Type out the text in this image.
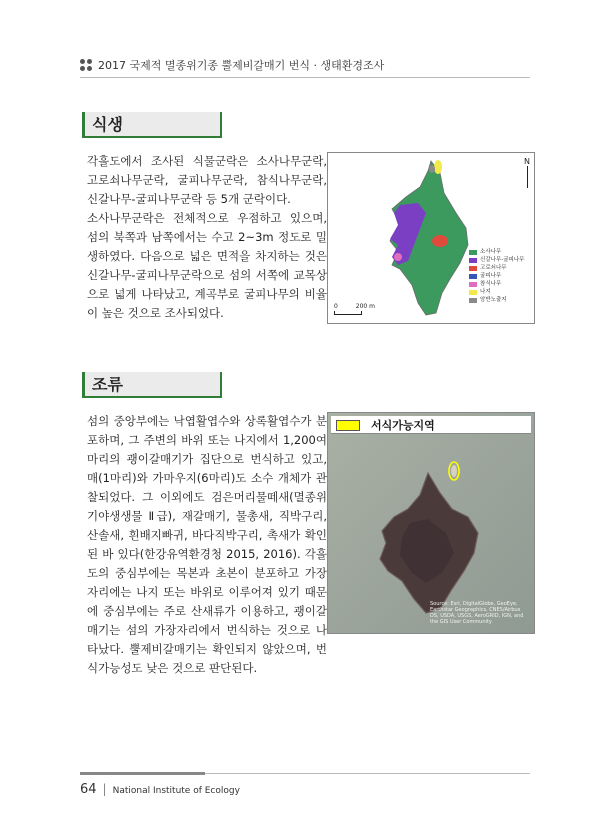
2017 국제적 멸종위기종 뿔제비갈매기 번식 · 생태환경조사
식생

각흘도에서 조사된 식물군락은 소사나무군락, 고로쇠나무군락, 굴피나무군락, 참식나무군락, 신갈나무-굴피나무군락 등 5개 군락이다.

소사나무군락은 전체적으로 우점하고 있으며, 섬의 북쪽과 남쪽에서는 수고 2~3m 정도로 밀생하였다. 다음으로 넓은 면적을 차지하는 것은 신갈나무-굴피나무군락으로 섬의 서쪽에 교목상으로 넓게 나타났고, 계곡부로 굴피나무의 비율이 높은 것으로 조사되었다.

N
소사나무
신갈나무-굴피나무
고로쇠나무
굴피나무
참식나무
나지
암반노출지
0	200 m
조류

섬의 중앙부에는 낙엽활엽수와 상록활엽수가 분포하며, 그 주변의 바위 또는 나지에서 1,200여 마리의 괭이갈매기가 집단으로 번식하고 있고, 매(1마리)와 가마우지(6마리)도 소수 개체가 관찰되었다. 그 이외에도 검은머리물떼새(멸종위기야생생물 Ⅱ급), 재갈매기, 물총새, 직박구리, 산솔새, 흰배지빠귀, 바다직박구리, 촉새가 확인된 바 있다(한강유역환경청 2015, 2016). 각흘도의 중심부에는 목본과 초본이 분포하고 가장자리에는 나지 또는 바위로 이루어져 있기 때문에 중심부에는 주로 산새류가 이용하고, 괭이갈매기는 섬의 가장자리에서 번식하는 것으로 나타났다. 뿔제비갈매기는 확인되지 않았으며, 번식가능성도 낮은 것으로 판단된다.

서식가능지역
Source: Esri, DigitalGlobe, GeoEye, Earthstar Geographics, CNES/Airbus DS, USDA, USGS, AeroGRID, IGN, and the GIS User Community
64 | National Institute of Ecology
